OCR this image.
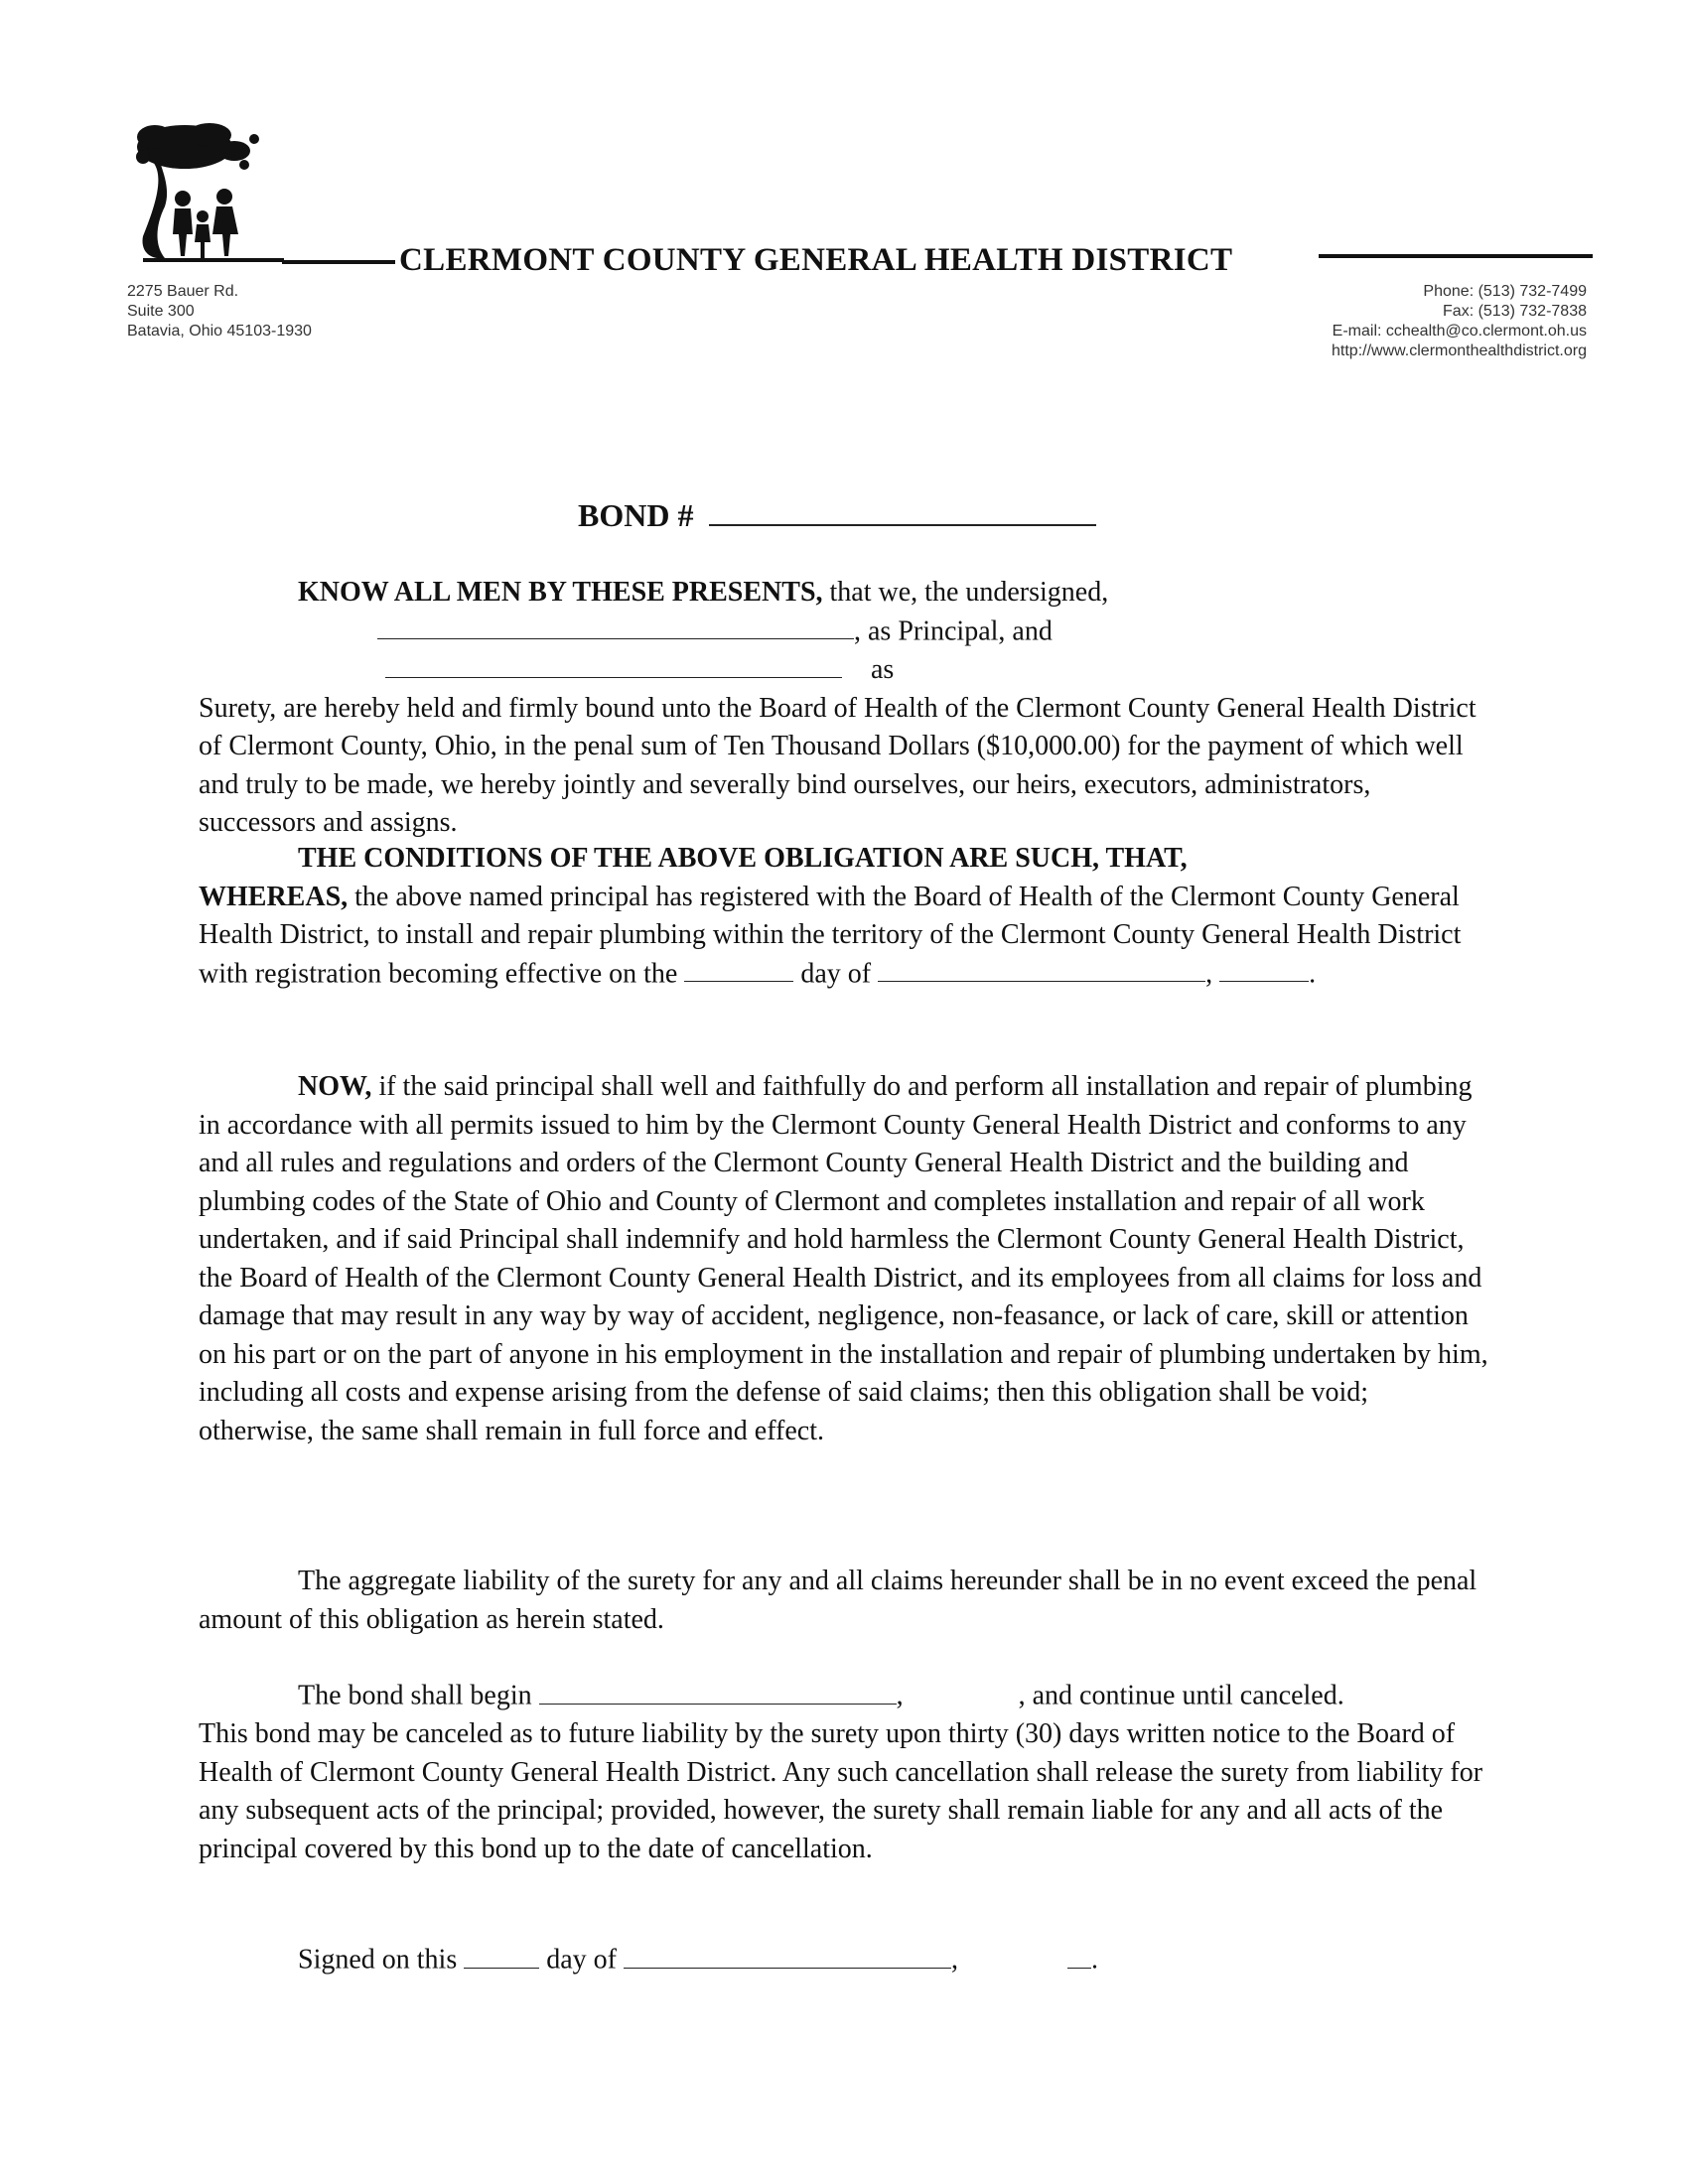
CLERMONT COUNTY GENERAL HEALTH DISTRICT
2275 Bauer Rd.
Suite 300
Batavia, Ohio 45103-1930
Phone: (513) 732-7499
Fax: (513) 732-7838
E-mail: cchealth@co.clermont.oh.us
http://www.clermonthealthdistrict.org
BOND #

KNOW ALL MEN BY THESE PRESENTS, that we, the undersigned,

, as Principal, and  as

Surety, are hereby held and firmly bound unto the Board of Health of the Clermont County General Health District of Clermont County, Ohio, in the penal sum of Ten Thousand Dollars ($10,000.00) for the payment of which well and truly to be made, we hereby jointly and severally bind ourselves, our heirs, executors, administrators, successors and assigns.

THE CONDITIONS OF THE ABOVE OBLIGATION ARE SUCH, THAT,

WHEREAS, the above named principal has registered with the Board of Health of the Clermont County General Health District, to install and repair plumbing within the territory of the Clermont County General Health District with registration becoming effective on the	day of	,	.

NOW, if the said principal shall well and faithfully do and perform all installation and repair of plumbing in accordance with all permits issued to him by the Clermont County General Health District and conforms to any and all rules and regulations and orders of the Clermont County General Health District and the building and plumbing codes of the State of Ohio and County of Clermont and completes installation and repair of all work undertaken, and if said Principal shall indemnify and hold harmless the Clermont County General Health District, the Board of Health of the Clermont County General Health District, and its employees from all claims for loss and damage that may result in any way by way of accident, negligence, non-feasance, or lack of care, skill or attention on his part or on the part of anyone in his employment in the installation and repair of plumbing undertaken by him, including all costs and expense arising from the defense of said claims; then this obligation shall be void; otherwise, the same shall remain in full force and effect.

The aggregate liability of the surety for any and all claims hereunder shall be in no event exceed the penal amount of this obligation as herein stated.

The bond shall begin	,	, and continue until canceled.

This bond may be canceled as to future liability by the surety upon thirty (30) days written notice to the Board of Health of Clermont County General Health District. Any such cancellation shall release the surety from liability for any subsequent acts of the principal; provided, however, the surety shall remain liable for any and all acts of the principal covered by this bond up to the date of cancellation.

Signed on this	day of	,	.
